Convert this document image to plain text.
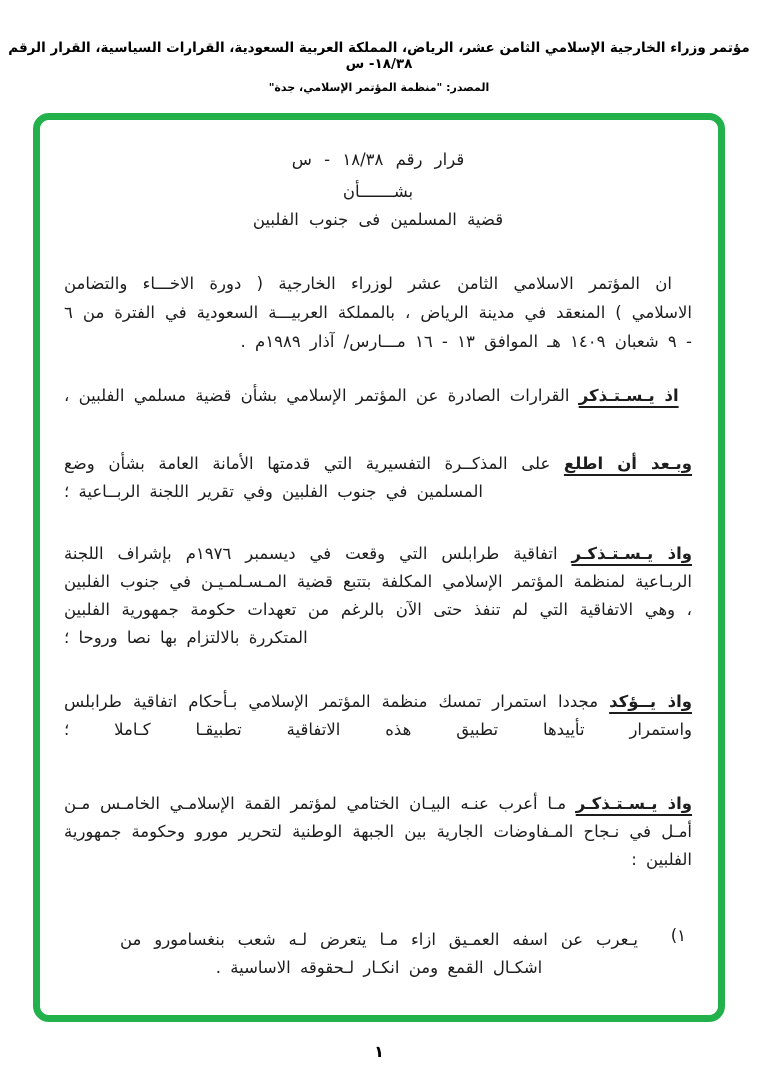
مؤتمر وزراء الخارجية الإسلامي الثامن عشر، الرياض، المملكة العربية السعودية، القرارات السياسية، القرار الرقم ١٨/٣٨- س
المصدر: "منظمة المؤتمر الإسلامي، جدة"
قرار رقم ١٨/٣٨ - س
بشـــــــأن
قضية المسلمين فى جنوب الفلبين

ان المؤتمر الاسلامي الثامن عشر لوزراء الخارجية ( دورة الاخـــاء والتضامن الاسلامي ) المنعقد في مدينة الرياض ، بالمملكة العربيـــة السعودية في الفترة من ٦ - ٩ شعبان ١٤٠٩ هـ الموافق ١٣ - ١٦ مـــارس/ آذار ١٩٨٩م .

اذ يـسـتـذكر القرارات الصادرة عن المؤتمر الإسلامي بشأن قضية مسلمي الفلبين ،

وبـعد أن اطلع على المذكــرة التفسيرية التي قدمتها الأمانة العامة بشأن وضع المسلمين في جنوب الفلبين وفي تقرير اللجنة الربــاعية ؛

واذ يـسـتـذكـر اتفاقية طرابلس التي وقعت في ديسمبر ١٩٧٦م بإشراف اللجنة الربـاعية لمنظمة المؤتمر الإسلامي المكلفة بتتبع قضية المـسـلمـيـن في جنوب الفلبين ، وهي الاتفاقية التي لم تنفذ حتى الآن بالرغم من تعهدات حكومة جمهورية الفلبين المتكررة بالالتزام بها نصا وروحا ؛

واذ يــؤكد مجددا استمرار تمسك منظمة المؤتمر الإسلامي بـأحكام اتفاقية طرابلس واستمرار تأييدها تطبيق هذه الاتفاقية تطبيقـا كـاملا ؛

واذ يـسـتـذكـر مـا أعرب عنـه البيـان الختامي لمؤتمر القمة الإسلامـي الخامـس مـن أمـل في نـجاح المـفاوضات الجارية بين الجبهة الوطنية لتحرير مورو وحكومة جمهورية الفلبين :

١)

يـعرب عن اسفه العمـيق ازاء مـا يتعرض لـه شعب بنغسامورو من اشكـال القمع ومن انكـار لـحقوقه الاساسية .

١
